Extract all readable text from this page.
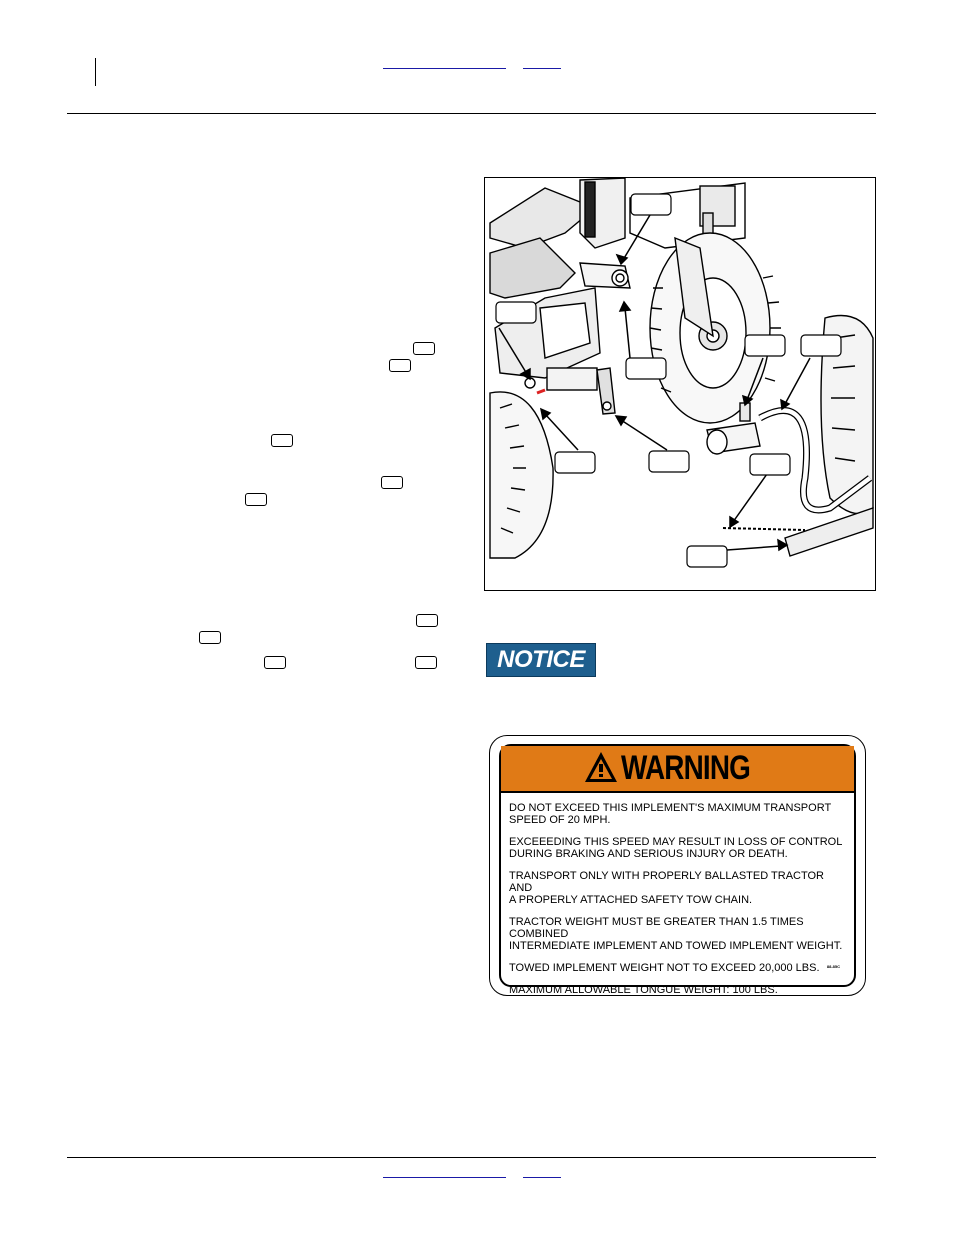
NOTICE
WARNING

DO NOT EXCEED THIS IMPLEMENT'S MAXIMUM TRANSPORT
SPEED OF 20 MPH.

EXCEEEDING THIS SPEED MAY RESULT IN LOSS OF CONTROL
DURING BRAKING AND SERIOUS INJURY OR DEATH.

TRANSPORT ONLY WITH PROPERLY BALLASTED TRACTOR AND
A PROPERLY ATTACHED SAFETY TOW CHAIN.

TRACTOR WEIGHT MUST BE GREATER THAN 1.5 TIMES COMBINED
INTERMEDIATE IMPLEMENT AND TOWED IMPLEMENT WEIGHT.

TOWED IMPLEMENT WEIGHT NOT TO EXCEED 20,000 LBS.

MAXIMUM ALLOWABLE TONGUE WEIGHT: 100 LBS.

88-85C
